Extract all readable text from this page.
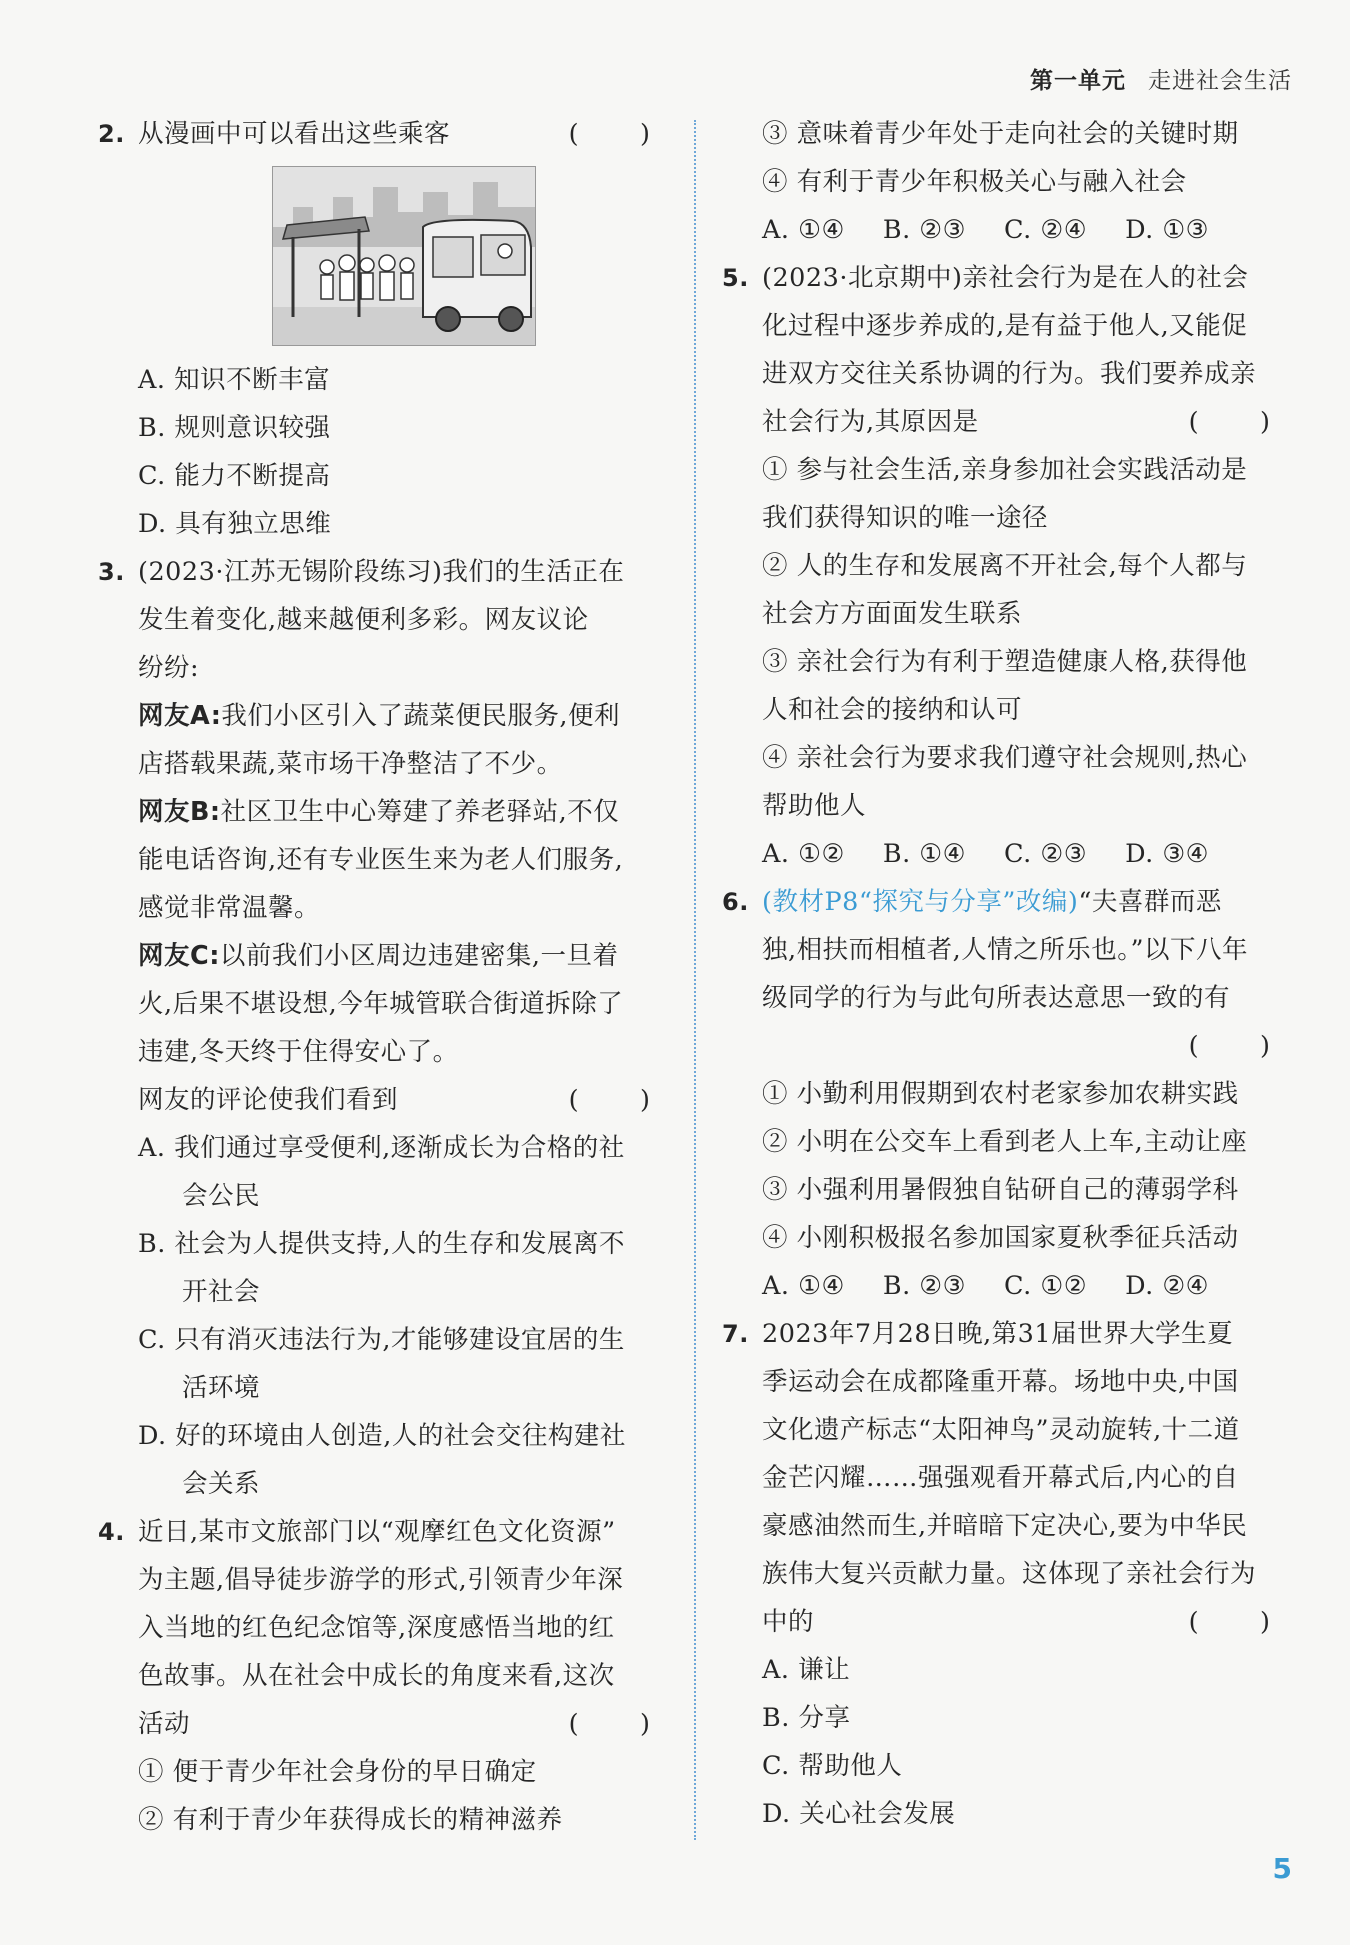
第一单元 走进社会生活
2. 从漫画中可以看出这些乘客	(　)
A. 知识不断丰富
B. 规则意识较强
C. 能力不断提高
D. 具有独立思维
3. (2023·江苏无锡阶段练习)我们的生活正在
发生着变化,越来越便利多彩。网友议论
纷纷:
网友A:我们小区引入了蔬菜便民服务,便利
店搭载果蔬,菜市场干净整洁了不少。
网友B:社区卫生中心筹建了养老驿站,不仅
能电话咨询,还有专业医生来为老人们服务,
感觉非常温馨。
网友C:以前我们小区周边违建密集,一旦着
火,后果不堪设想,今年城管联合街道拆除了
违建,冬天终于住得安心了。
网友的评论使我们看到	(　)
A. 我们通过享受便利,逐渐成长为合格的社
会公民
B. 社会为人提供支持,人的生存和发展离不
开社会
C. 只有消灭违法行为,才能够建设宜居的生
活环境
D. 好的环境由人创造,人的社会交往构建社
会关系
4. 近日,某市文旅部门以“观摩红色文化资源”
为主题,倡导徒步游学的形式,引领青少年深
入当地的红色纪念馆等,深度感悟当地的红
色故事。从在社会中成长的角度来看,这次
活动	(　)
① 便于青少年社会身份的早日确定
② 有利于青少年获得成长的精神滋养
③ 意味着青少年处于走向社会的关键时期
④ 有利于青少年积极关心与融入社会
A. ①④ B. ②③ C. ②④ D. ①③
5. (2023·北京期中)亲社会行为是在人的社会
化过程中逐步养成的,是有益于他人,又能促
进双方交往关系协调的行为。我们要养成亲
社会行为,其原因是	(　)
① 参与社会生活,亲身参加社会实践活动是
我们获得知识的唯一途径
② 人的生存和发展离不开社会,每个人都与
社会方方面面发生联系
③ 亲社会行为有利于塑造健康人格,获得他
人和社会的接纳和认可
④ 亲社会行为要求我们遵守社会规则,热心
帮助他人
A. ①② B. ①④ C. ②③ D. ③④
6. (教材P8“探究与分享”改编)“夫喜群而恶
独,相扶而相植者,人情之所乐也。”以下八年
级同学的行为与此句所表达意思一致的有
(　)
① 小勤利用假期到农村老家参加农耕实践
② 小明在公交车上看到老人上车,主动让座
③ 小强利用暑假独自钻研自己的薄弱学科
④ 小刚积极报名参加国家夏秋季征兵活动
A. ①④ B. ②③ C. ①② D. ②④
7. 2023年7月28日晚,第31届世界大学生夏
季运动会在成都隆重开幕。场地中央,中国
文化遗产标志“太阳神鸟”灵动旋转,十二道
金芒闪耀……强强观看开幕式后,内心的自
豪感油然而生,并暗暗下定决心,要为中华民
族伟大复兴贡献力量。这体现了亲社会行为
中的	(　)
A. 谦让
B. 分享
C. 帮助他人
D. 关心社会发展
5
